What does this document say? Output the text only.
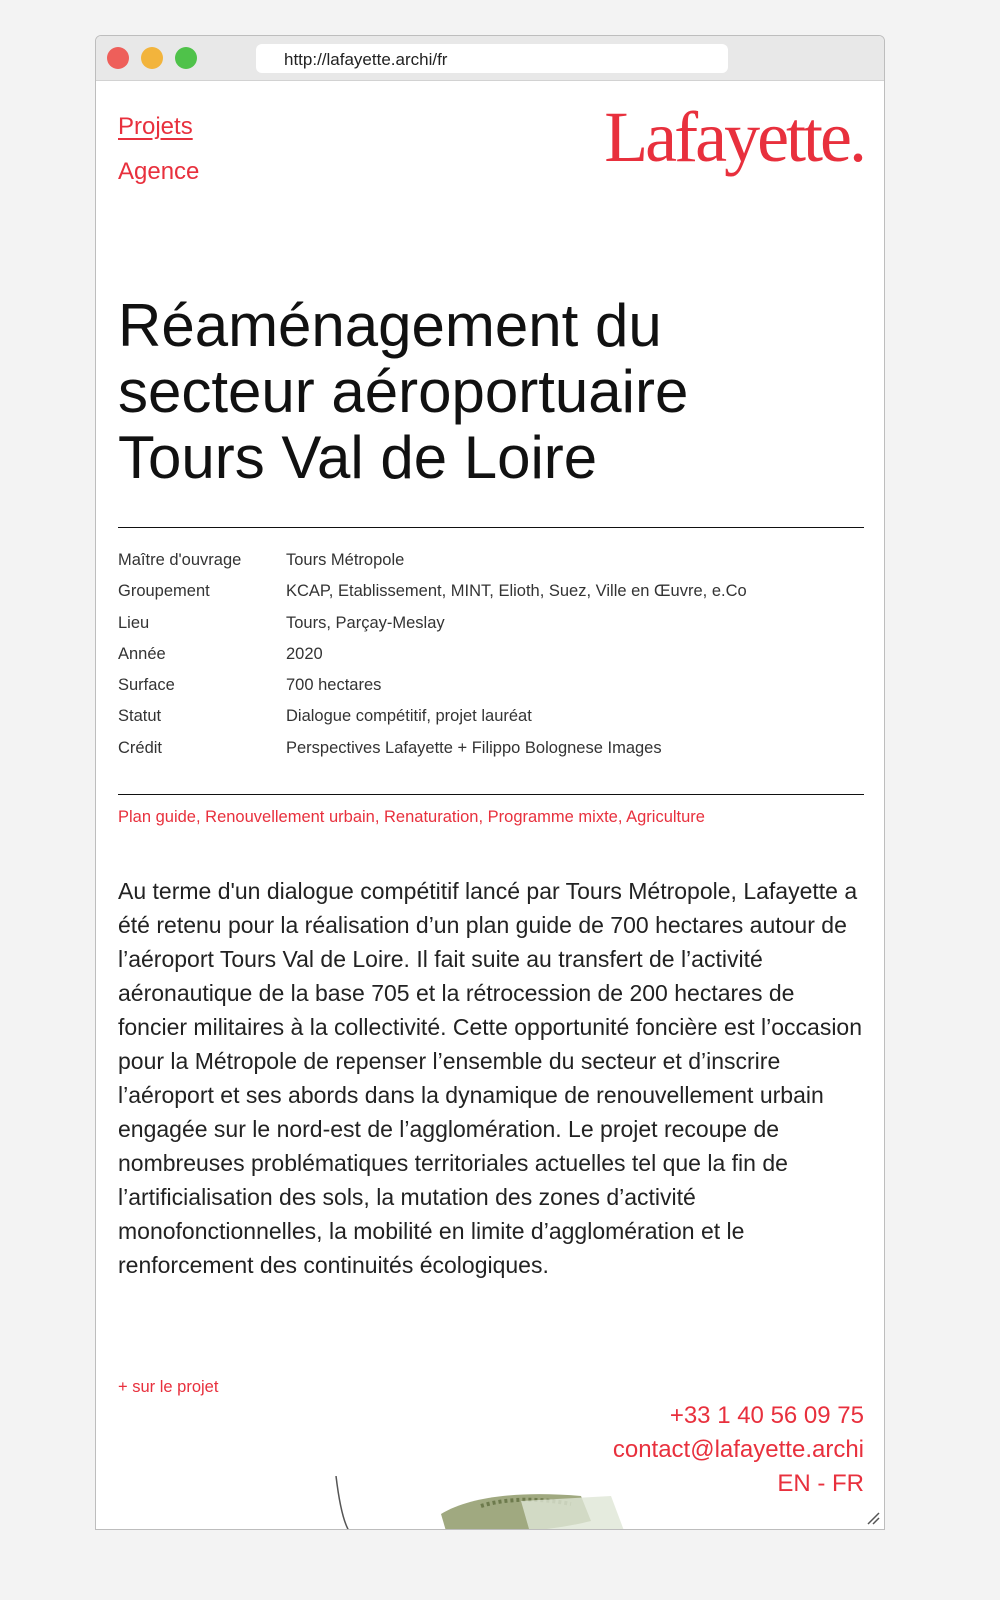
http://lafayette.archi/fr
Projets
Agence	Lafayette.
Réaménagement du secteur aéroportuaire Tours Val de Loire
Maître d'ouvrage	Tours Métropole
Groupement	KCAP, Etablissement, MINT, Elioth, Suez, Ville en Œuvre, e.Co
Lieu	Tours, Parçay-Meslay
Année	2020
Surface	700 hectares
Statut	Dialogue compétitif, projet lauréat
Crédit	Perspectives Lafayette + Filippo Bolognese Images
Plan guide, Renouvellement urbain, Renaturation, Programme mixte, Agriculture

Au terme d'un dialogue compétitif lancé par Tours Métropole, Lafayette a été retenu pour la réalisation d’un plan guide de 700 hectares autour de l’aéroport Tours Val de Loire. Il fait suite au transfert de l’activité aéronautique de la base 705 et la rétrocession de 200 hectares de foncier militaires à la collectivité. Cette opportunité foncière est l’occasion pour la Métropole de repenser l’ensemble du secteur et d’inscrire l’aéroport et ses abords dans la dynamique de renouvellement urbain engagée sur le nord-est de l’agglomération. Le projet recoupe de nombreuses problématiques territoriales actuelles tel que la fin de l’artificialisation des sols, la mutation des zones d’activité monofonctionnelles, la mobilité en limite d’agglomération et le renforcement des continuités écologiques.

+ sur le projet
+33 1 40 56 09 75
contact@lafayette.archi
EN - FR
